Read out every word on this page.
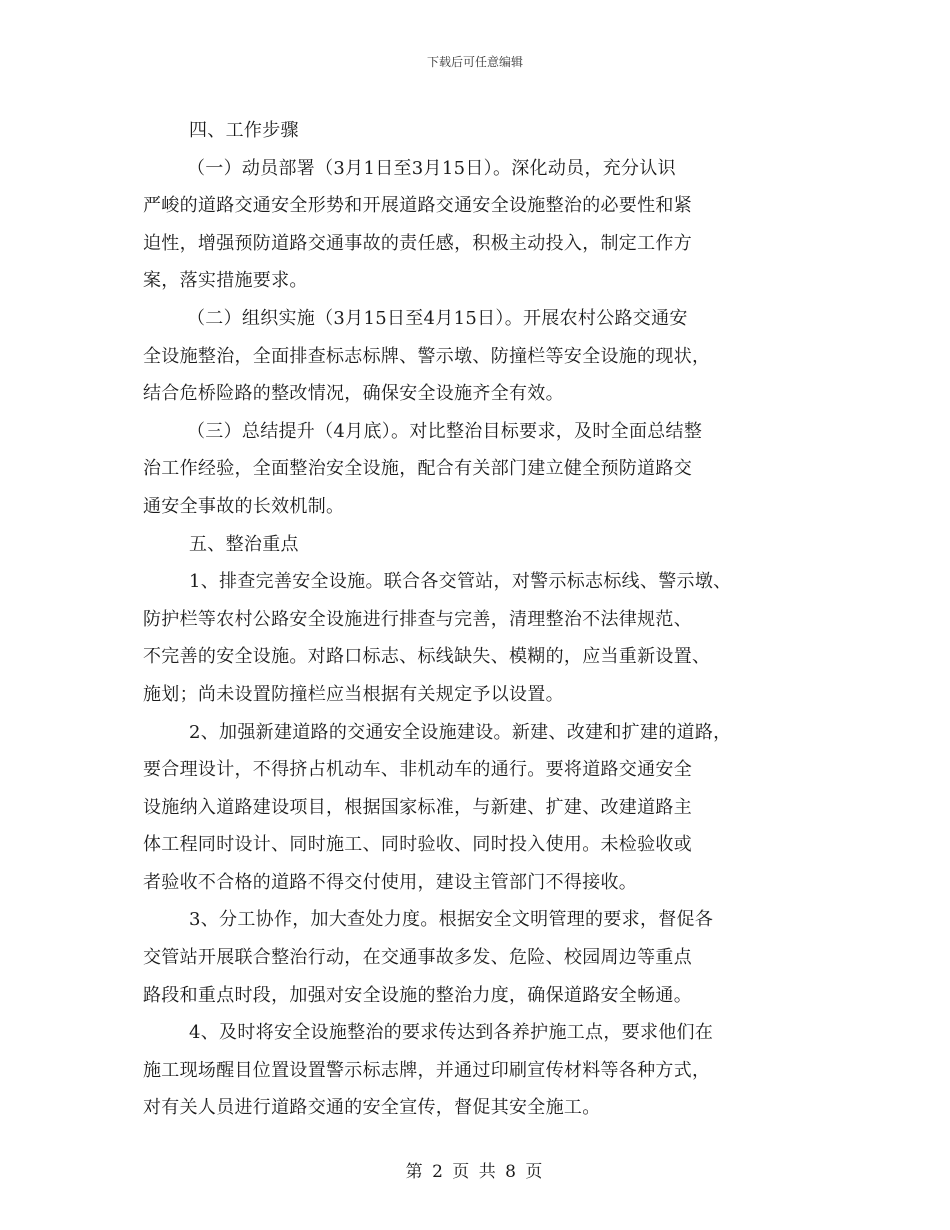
下载后可任意编辑
四、工作步骤
（一）动员部署（3月1日至3月15日）。深化动员，充分认识
严峻的道路交通安全形势和开展道路交通安全设施整治的必要性和紧
迫性，增强预防道路交通事故的责任感，积极主动投入，制定工作方
案，落实措施要求。
（二）组织实施（3月15日至4月15日）。开展农村公路交通安
全设施整治，全面排查标志标牌、警示墩、防撞栏等安全设施的现状，
结合危桥险路的整改情况，确保安全设施齐全有效。
（三）总结提升（4月底）。对比整治目标要求，及时全面总结整
治工作经验，全面整治安全设施，配合有关部门建立健全预防道路交
通安全事故的长效机制。
五、整治重点
1、排查完善安全设施。联合各交管站，对警示标志标线、警示墩、
防护栏等农村公路安全设施进行排查与完善，清理整治不法律规范、
不完善的安全设施。对路口标志、标线缺失、模糊的，应当重新设置、
施划；尚未设置防撞栏应当根据有关规定予以设置。
2、加强新建道路的交通安全设施建设。新建、改建和扩建的道路，
要合理设计，不得挤占机动车、非机动车的通行。要将道路交通安全
设施纳入道路建设项目，根据国家标准，与新建、扩建、改建道路主
体工程同时设计、同时施工、同时验收、同时投入使用。未检验收或
者验收不合格的道路不得交付使用，建设主管部门不得接收。
3、分工协作，加大查处力度。根据安全文明管理的要求，督促各
交管站开展联合整治行动，在交通事故多发、危险、校园周边等重点
路段和重点时段，加强对安全设施的整治力度，确保道路安全畅通。
4、及时将安全设施整治的要求传达到各养护施工点，要求他们在
施工现场醒目位置设置警示标志牌，并通过印刷宣传材料等各种方式，
对有关人员进行道路交通的安全宣传，督促其安全施工。
第 2 页 共 8 页
